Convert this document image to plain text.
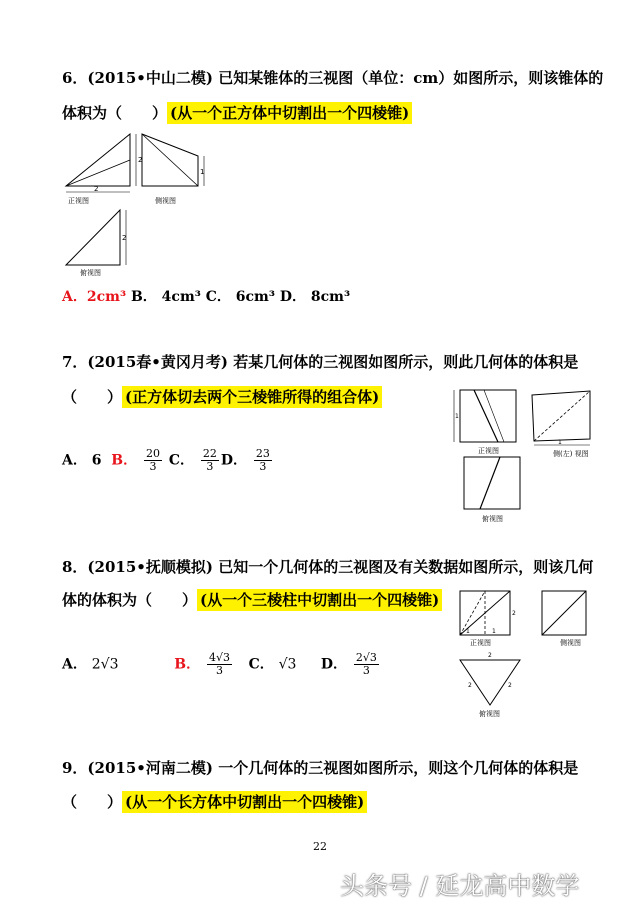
6．(2015•中山二模) 已知某锥体的三视图（单位：cm）如图所示，则该锥体的
体积为（　　） (从一个正方体中切割出一个四棱锥)
2
2
1
2
正视图	侧视图
俯视图
A．2cm³ B． 4cm³ C． 6cm³ D． 8cm³
7．(2015春•黄冈月考) 若某几何体的三视图如图所示，则此几何体的体积是
（　　） (正方体切去两个三棱锥所得的组合体)
1
1
正视图	侧(左) 视图
俯视图
A． 6 B． $\frac{20}{3}$ C． $\frac{22}{3}$ D． $\frac{23}{3}$
8．(2015•抚顺模拟) 已知一个几何体的三视图及有关数据如图所示，则该几何
体的体积为（　　） (从一个三棱柱中切割出一个四棱锥)
1	1
2
2
2	2
正视图	侧视图
俯视图
A． 2√3	B． $\frac{4√3}{3}$ C． √3 D． $\frac{2√3}{3}$
9．(2015•河南二模) 一个几何体的三视图如图所示，则这个几何体的体积是
（　　） (从一个长方体中切割出一个四棱锥)
22
头条号 / 延龙高中数学
